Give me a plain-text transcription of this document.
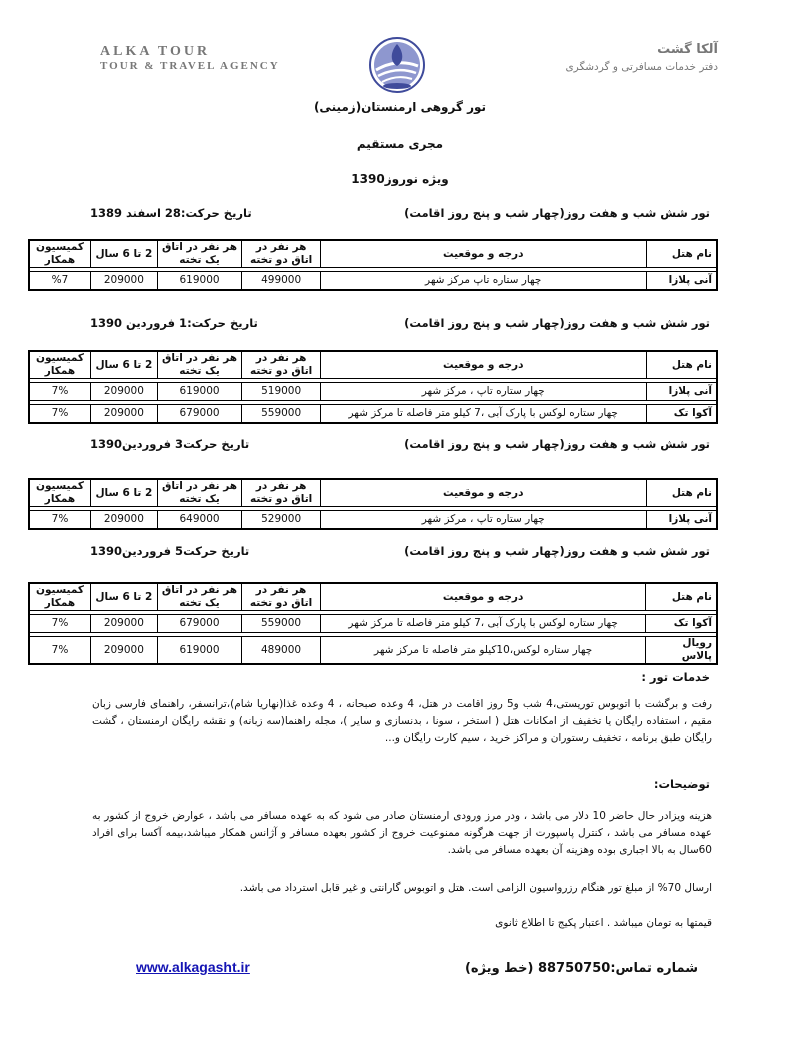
ALKA TOUR
TOUR & TRAVEL AGENCY
آلکا گشت
دفتر خدمات مسافرتی و گردشگری
تور گروهی ارمنستان(زمینی)
مجری مستقیم
ویژه نوروز1390
تور شش شب و هفت روز(چهار شب و پنج روز اقامت)
تاریخ حرکت:28 اسفند 1389
نام هتل	درجه و موقعیت	هر نفر در اتاق دو تخته	هر نفر در اتاق یک تخته	2 تا 6 سال	کمیسیون همکار

آنی پلازا	چهار ستاره تاپ مرکز شهر	499000	619000	209000	%7
تور شش شب و هفت روز(چهار شب و پنج روز اقامت)
تاریخ حرکت:1 فروردین 1390
نام هتل	درجه و موقعیت	هر نفر در اتاق دو تخته	هر نفر در اتاق یک تخته	2 تا 6 سال	کمیسیون همکار

آنی پلازا	چهار ستاره تاپ ، مرکز شهر	519000	619000	209000	7%

آکوا تک	چهار ستاره لوکس با پارک آبی ،7 کیلو متر فاصله تا مرکز شهر	559000	679000	209000	7%
تور شش شب و هفت روز(چهار شب و پنج روز اقامت)
تاریخ حرکت3 فروردین1390
نام هتل	درجه و موقعیت	هر نفر در اتاق دو تخته	هر نفر در اتاق یک تخته	2 تا 6 سال	کمیسیون همکار

آنی پلازا	چهار ستاره تاپ ، مرکز شهر	529000	649000	209000	7%
تور شش شب و هفت روز(چهار شب و پنج روز اقامت)
تاریخ حرکت5 فروردین1390
نام هتل	درجه و موقعیت	هر نفر در اتاق دو تخته	هر نفر در اتاق یک تخته	2 تا 6 سال	کمیسیون همکار

آکوا تک	چهار ستاره لوکس با پارک آبی ،7 کیلو متر فاصله تا مرکز شهر	559000	679000	209000	7%

رویال پالاس	چهار ستاره لوکس،10کیلو متر فاصله تا مرکز شهر	489000	619000	209000	7%
خدمات تور :
رفت و برگشت با اتوبوس توریستی،4 شب و5 روز اقامت در هتل، 4 وعده صبحانه ، 4 وعده غذا(نهاریا شام)،ترانسفر، راهنمای فارسی زبان مقیم ، استفاده رایگان یا تخفیف از امکانات هتل ( استخر ، سونا ، بدنسازی و سایر )، مجله راهنما(سه زبانه) و نقشه رایگان ارمنستان ، گشت رایگان طبق برنامه ، تخفیف رستوران و مراکز خرید ، سیم کارت رایگان و...
توضیحات:
هزینه ویزادر حال حاضر 10 دلار می باشد ، ودر مرز ورودی ارمنستان صادر می شود که به عهده مسافر می باشد ، عوارض خروج از کشور به عهده مسافر می باشد ، کنترل پاسپورت از جهت هرگونه ممنوعیت خروج از کشور بعهده مسافر و آژانس همکار میباشد،بیمه آکسا برای افراد 60سال به بالا اجباری بوده وهزینه آن بعهده مسافر می باشد.
ارسال 70% از مبلغ تور هنگام رزرواسیون الزامی است. هتل و اتوبوس گارانتی و غیر قابل استرداد می باشد.
قیمتها به تومان میباشد . اعتبار پکیج تا اطلاع ثانوی
شماره تماس:88750750 (خط ویژه)
www.alkagasht.ir
